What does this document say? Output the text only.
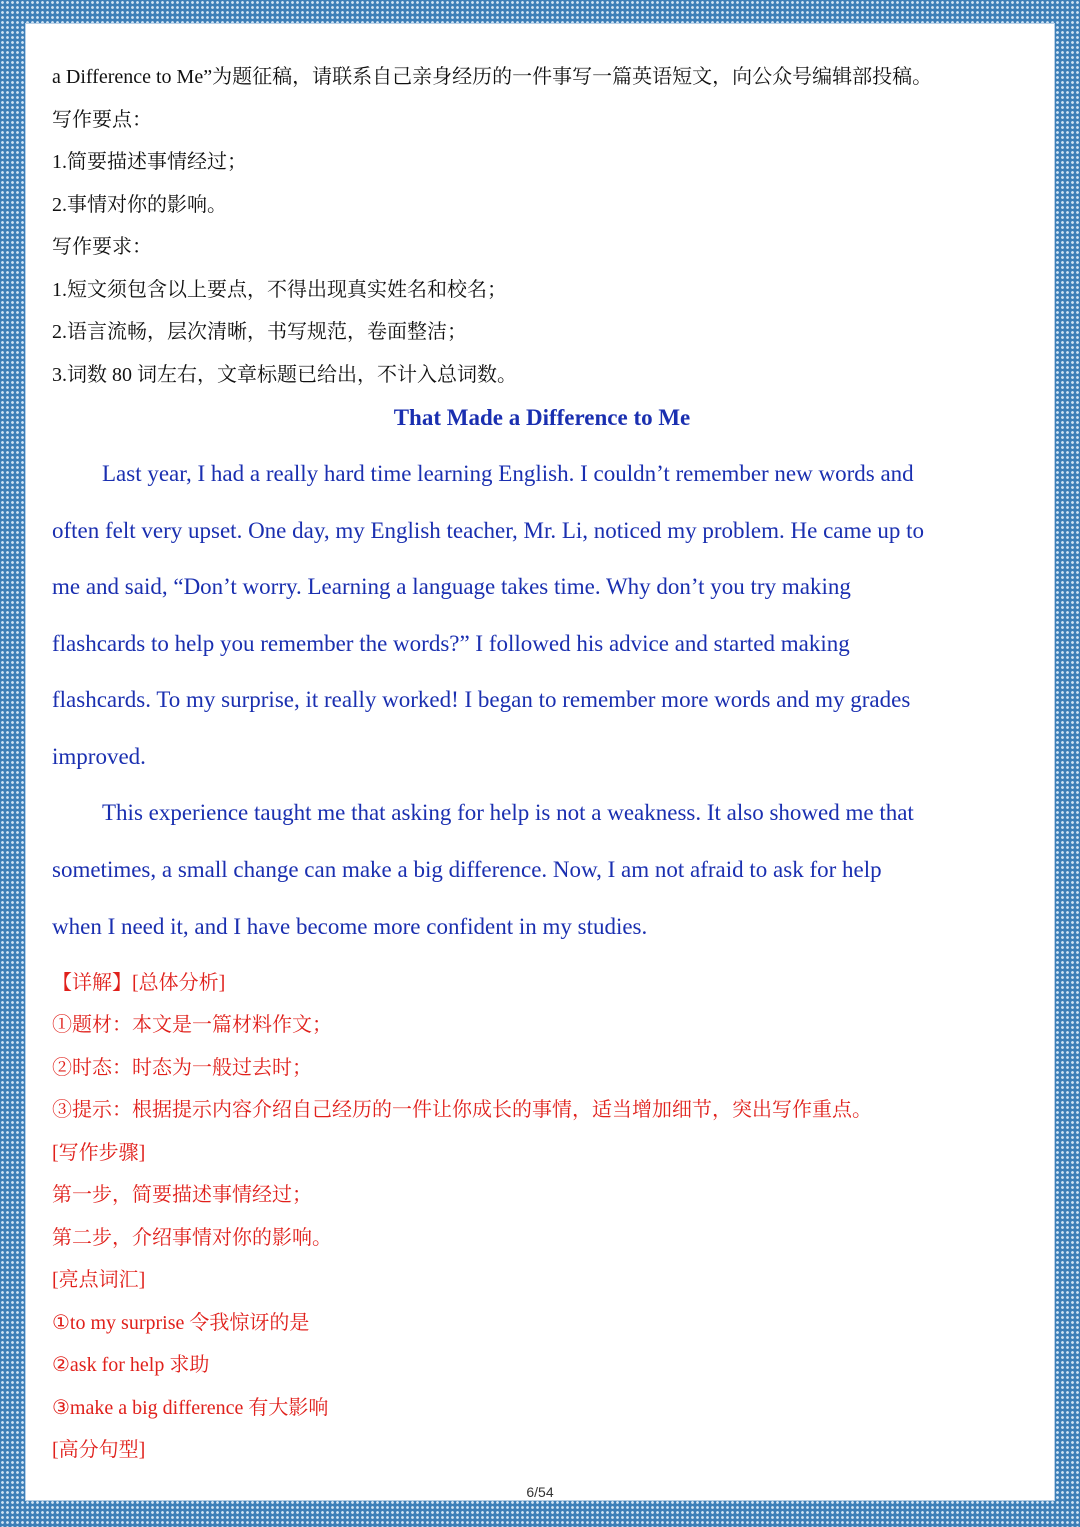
a Difference to Me”为题征稿，请联系自己亲身经历的一件事写一篇英语短文，向公众号编辑部投稿。
写作要点：
1.简要描述事情经过；
2.事情对你的影响。
写作要求：
1.短文须包含以上要点，不得出现真实姓名和校名；
2.语言流畅，层次清晰，书写规范，卷面整洁；
3.词数 80 词左右，文章标题已给出，不计入总词数。
That Made a Difference to Me
Last year, I had a really hard time learning English. I couldn’t remember new words and
often felt very upset. One day, my English teacher, Mr. Li, noticed my problem. He came up to
me and said, “Don’t worry. Learning a language takes time. Why don’t you try making
flashcards to help you remember the words?” I followed his advice and started making
flashcards. To my surprise, it really worked! I began to remember more words and my grades
improved.
This experience taught me that asking for help is not a weakness. It also showed me that
sometimes, a small change can make a big difference. Now, I am not afraid to ask for help
when I need it, and I have become more confident in my studies.
【详解】[总体分析]
①题材：本文是一篇材料作文；
②时态：时态为一般过去时；
③提示：根据提示内容介绍自己经历的一件让你成长的事情，适当增加细节，突出写作重点。
[写作步骤]
第一步，简要描述事情经过；
第二步，介绍事情对你的影响。
[亮点词汇]
①to my surprise 令我惊讶的是
②ask for help 求助
③make a big difference 有大影响
[高分句型]
6/54
